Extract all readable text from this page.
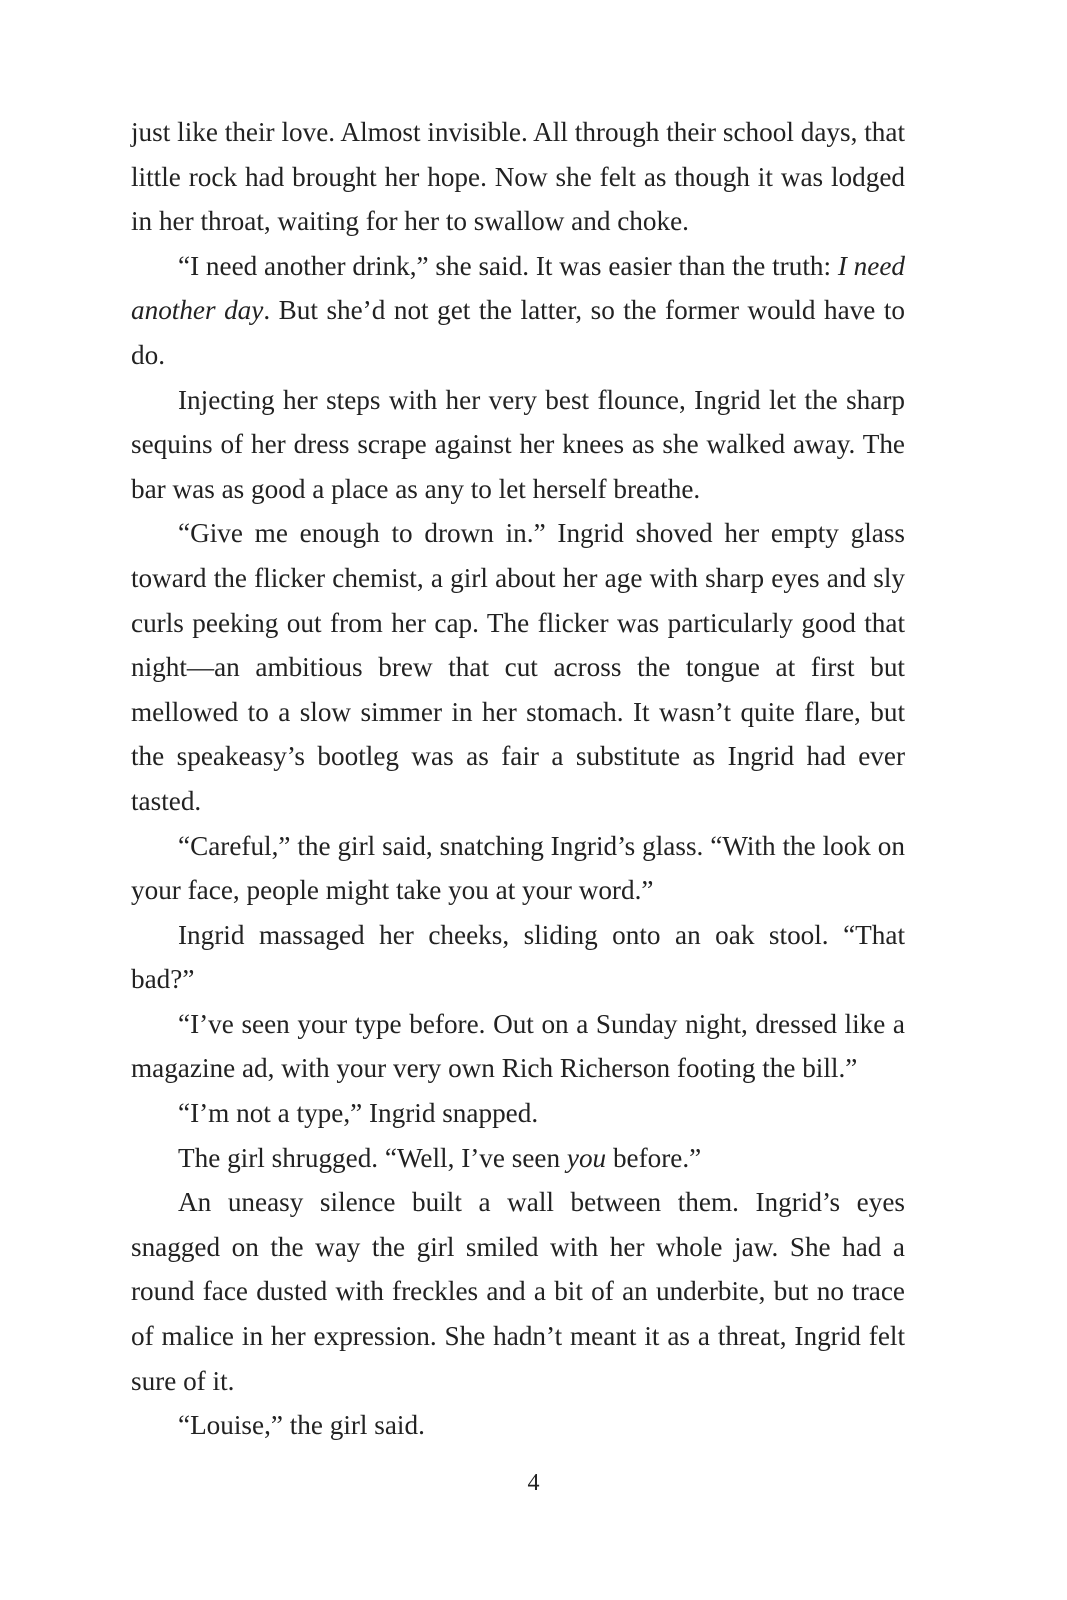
just like their love. Almost invisible. All through their school days, that little rock had brought her hope. Now she felt as though it was lodged in her throat, waiting for her to swallow and choke.

“I need another drink,” she said. It was easier than the truth: I need another day. But she’d not get the latter, so the former would have to do.

Injecting her steps with her very best flounce, Ingrid let the sharp sequins of her dress scrape against her knees as she walked away. The bar was as good a place as any to let herself breathe.

“Give me enough to drown in.” Ingrid shoved her empty glass toward the flicker chemist, a girl about her age with sharp eyes and sly curls peeking out from her cap. The flicker was particularly good that night—an ambitious brew that cut across the tongue at first but mellowed to a slow simmer in her stomach. It wasn’t quite flare, but the speakeasy’s bootleg was as fair a substitute as Ingrid had ever tasted.

“Careful,” the girl said, snatching Ingrid’s glass. “With the look on your face, people might take you at your word.”

Ingrid massaged her cheeks, sliding onto an oak stool. “That bad?”

“I’ve seen your type before. Out on a Sunday night, dressed like a magazine ad, with your very own Rich Richerson footing the bill.”

“I’m not a type,” Ingrid snapped.

The girl shrugged. “Well, I’ve seen you before.”

An uneasy silence built a wall between them. Ingrid’s eyes snagged on the way the girl smiled with her whole jaw. She had a round face dusted with freckles and a bit of an underbite, but no trace of malice in her expression. She hadn’t meant it as a threat, Ingrid felt sure of it.

“Louise,” the girl said.

4
